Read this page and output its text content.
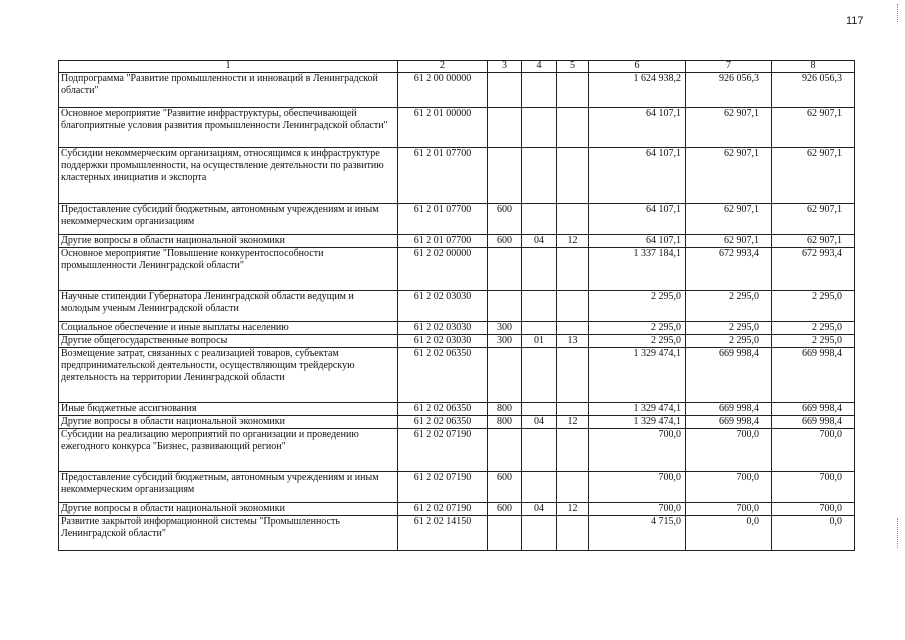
117
1	2	3	4	5	6	7	8
Подпрограмма "Развитие промышленности и инноваций в Ленинградской области"	61 2 00 00000				1 624 938,2	926 056,3	926 056,3
Основное мероприятие "Развитие инфраструктуры, обеспечивающей благоприятные условия развития промышленности Ленинградской области"	61 2 01 00000				64 107,1	62 907,1	62 907,1
Субсидии некоммерческим организациям, относящимся к инфраструктуре поддержки промышленности, на осуществление деятельности по развитию кластерных инициатив и экспорта	61 2 01 07700				64 107,1	62 907,1	62 907,1
Предоставление субсидий бюджетным, автономным учреждениям и иным некоммерческим организациям	61 2 01 07700	600			64 107,1	62 907,1	62 907,1
Другие вопросы в области национальной экономики	61 2 01 07700	600	04	12	64 107,1	62 907,1	62 907,1
Основное мероприятие "Повышение конкурентоспособности промышленности Ленинградской области"	61 2 02 00000				1 337 184,1	672 993,4	672 993,4
Научные стипендии Губернатора Ленинградской области ведущим и молодым ученым Ленинградской области	61 2 02 03030				2 295,0	2 295,0	2 295,0
Социальное обеспечение и иные выплаты населению	61 2 02 03030	300			2 295,0	2 295,0	2 295,0
Другие общегосударственные вопросы	61 2 02 03030	300	01	13	2 295,0	2 295,0	2 295,0
Возмещение затрат, связанных с реализацией товаров, субъектам предпринимательской деятельности, осуществляющим трейдерскую деятельность на территории Ленинградской области	61 2 02 06350				1 329 474,1	669 998,4	669 998,4
Иные бюджетные ассигнования	61 2 02 06350	800			1 329 474,1	669 998,4	669 998,4
Другие вопросы в области национальной экономики	61 2 02 06350	800	04	12	1 329 474,1	669 998,4	669 998,4
Субсидии на реализацию мероприятий по организации и проведению ежегодного конкурса "Бизнес, развивающий регион"	61 2 02 07190				700,0	700,0	700,0
Предоставление субсидий бюджетным, автономным учреждениям и иным некоммерческим организациям	61 2 02 07190	600			700,0	700,0	700,0
Другие вопросы в области национальной экономики	61 2 02 07190	600	04	12	700,0	700,0	700,0
Развитие закрытой информационной системы "Промышленность Ленинградской области"	61 2 02 14150				4 715,0	0,0	0,0
